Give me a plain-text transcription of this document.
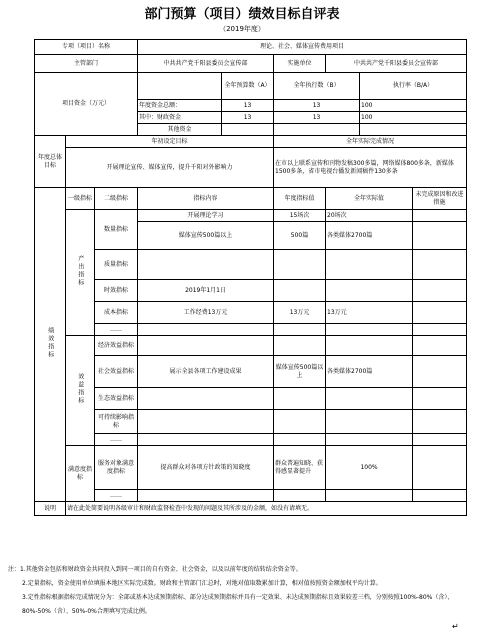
部门预算（项目）绩效目标自评表
（2019年度）
专项（项目）名称			理论、社会、媒体宣传费用项目					
主管部门			中共共产党千阳县委员会宣传部		实施单位	中共共产党千阳县委员会宣传部		
项目资金（万元）				全年预算数（A）	全年执行数（B）		执行率（B/A）	
			年度资金总额：	13	13		100	
			其中：财政资金	13	13		100	
			其他资金					
年度总体目标	年初设定目标				全年实际完成情况			
	开展理论宣传、媒体宣传，提升千阳对外影响力				在市以上联系宣传和刊物发稿300多篇，网络媒体800多条，新媒体1500多条，省市电视台播发新闻稿件130多条			
绩效指标	一级指标	二级指标	指标内容		年度指标值	全年实际值		未完成原因和改进措施
	产出指标	数量指标	开展理论学习		15场次	20场次		
			媒体宣传500篇以上		500篇	各类媒体2700篇		
		质量指标						
		时效指标	2019年1月1日					
		成本指标	工作经费13万元		13万元	13万元		
		……						
	效益指标	经济效益指标						
		社会效益指标	展示全县各项工作建设成果		媒体宣传500篇以上	各类媒体2700篇		
		生态效益指标						
		可持续影响指标						
		……						
	满意度指标	服务对象满意度指标	提高群众对各项方针政策的知晓度		群众普遍知晓、获得感显著提升	100%		
		……						
说明	请在此处简要说明各级审计和财政监督检查中发现的问题及其所涉及的金额，如没有请填无。							

注：1.其他资金包括和财政资金共同投入到同一项目的自有资金、社会资金，以及以前年度的结转结余资金等。

2.定量指标，资金使用单位填报本地区实际完成数。财政和主管部门汇总时，对地对值取数累加计算，相对值按照资金额加权平均计算。

3.定性指标根据指标完成情况分为：全部或基本达成预期指标、部分达成预期指标并具有一定效果、未达成预期指标且效果较差三档，分别按照100%-80%（含）、80%-50%（含）、50%-0%合理填写完成比例。

↵
